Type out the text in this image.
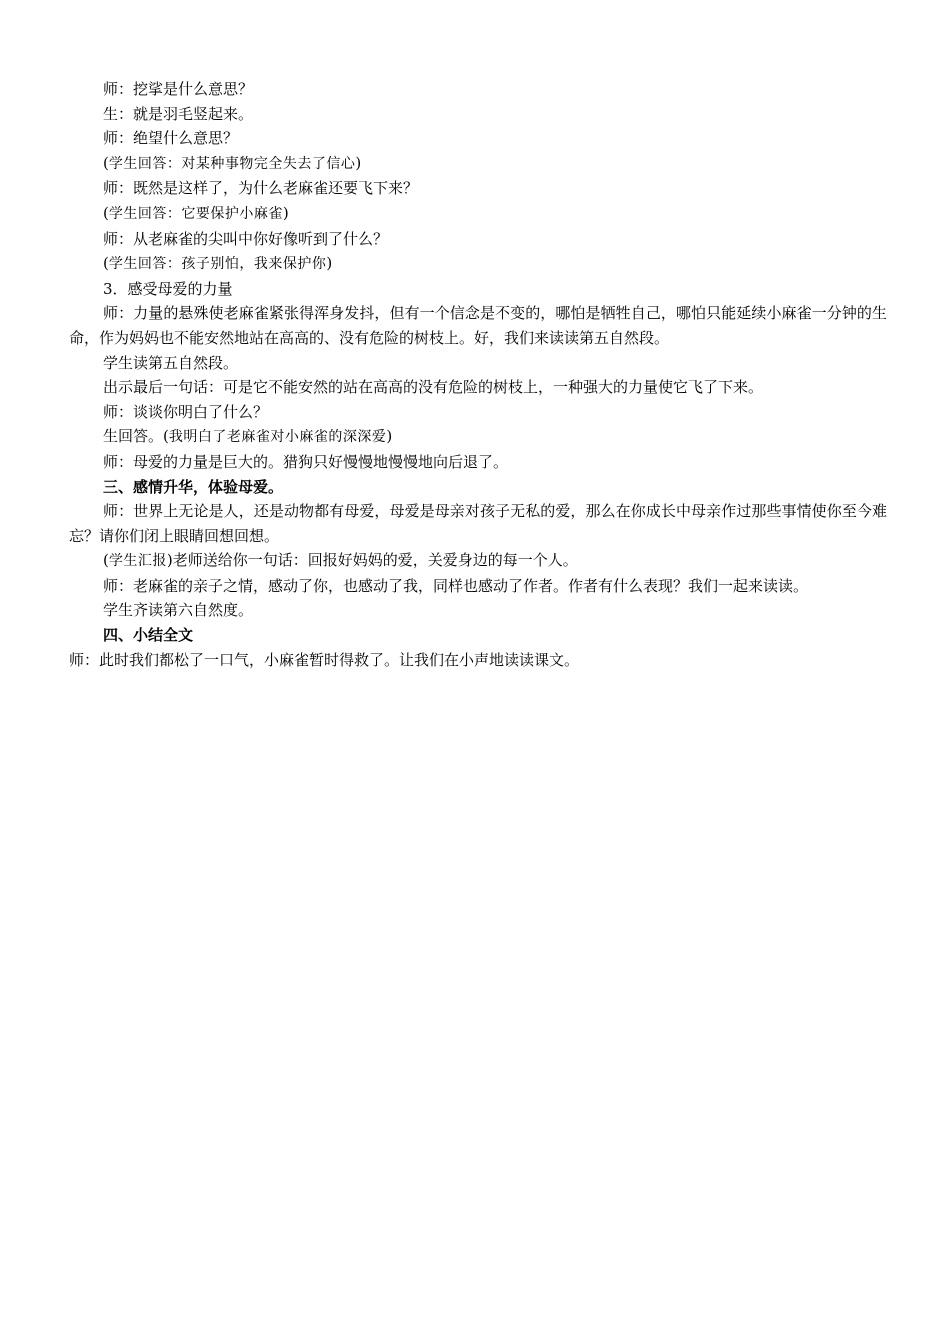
师：挖挲是什么意思？

生：就是羽毛竖起来。

师：绝望什么意思？

(学生回答：对某种事物完全失去了信心)

师：既然是这样了，为什么老麻雀还要飞下来？

(学生回答：它要保护小麻雀)

师：从老麻雀的尖叫中你好像听到了什么？

(学生回答：孩子别怕，我来保护你)

3．感受母爱的力量

师：力量的悬殊使老麻雀紧张得浑身发抖，但有一个信念是不变的，哪怕是牺牲自己，哪怕只能延续小麻雀一分钟的生命，作为妈妈也不能安然地站在高高的、没有危险的树枝上。好，我们来读读第五自然段。

学生读第五自然段。

出示最后一句话：可是它不能安然的站在高高的没有危险的树枝上，一种强大的力量使它飞了下来。

师：谈谈你明白了什么？

生回答。(我明白了老麻雀对小麻雀的深深爱)

师：母爱的力量是巨大的。猎狗只好慢慢地慢慢地向后退了。

三、感情升华，体验母爱。

师：世界上无论是人，还是动物都有母爱，母爱是母亲对孩子无私的爱，那么在你成长中母亲作过那些事情使你至今难忘？请你们闭上眼睛回想回想。

(学生汇报)老师送给你一句话：回报好妈妈的爱，关爱身边的每一个人。

师：老麻雀的亲子之情，感动了你，也感动了我，同样也感动了作者。作者有什么表现？我们一起来读读。

学生齐读第六自然度。

四、小结全文

师：此时我们都松了一口气，小麻雀暂时得救了。让我们在小声地读读课文。
